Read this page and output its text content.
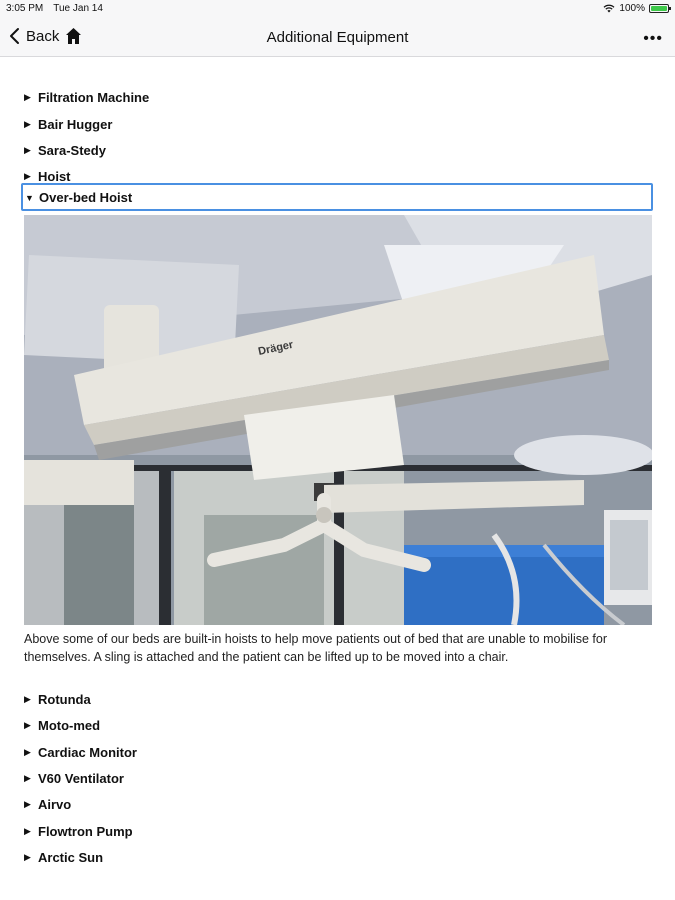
3:05 PM Tue Jan 14	100%
Back	Additional Equipment	•••
▶ Filtration Machine
▶ Bair Hugger
▶ Sara-Stedy
▶ Hoist
▼ Over-bed Hoist
Dräger
Above some of our beds are built-in hoists to help move patients out of bed that are unable to mobilise for themselves. A sling is attached and the patient can be lifted up to be moved into a chair.
▶ Rotunda
▶ Moto-med
▶ Cardiac Monitor
▶ V60 Ventilator
▶ Airvo
▶ Flowtron Pump
▶ Arctic Sun
